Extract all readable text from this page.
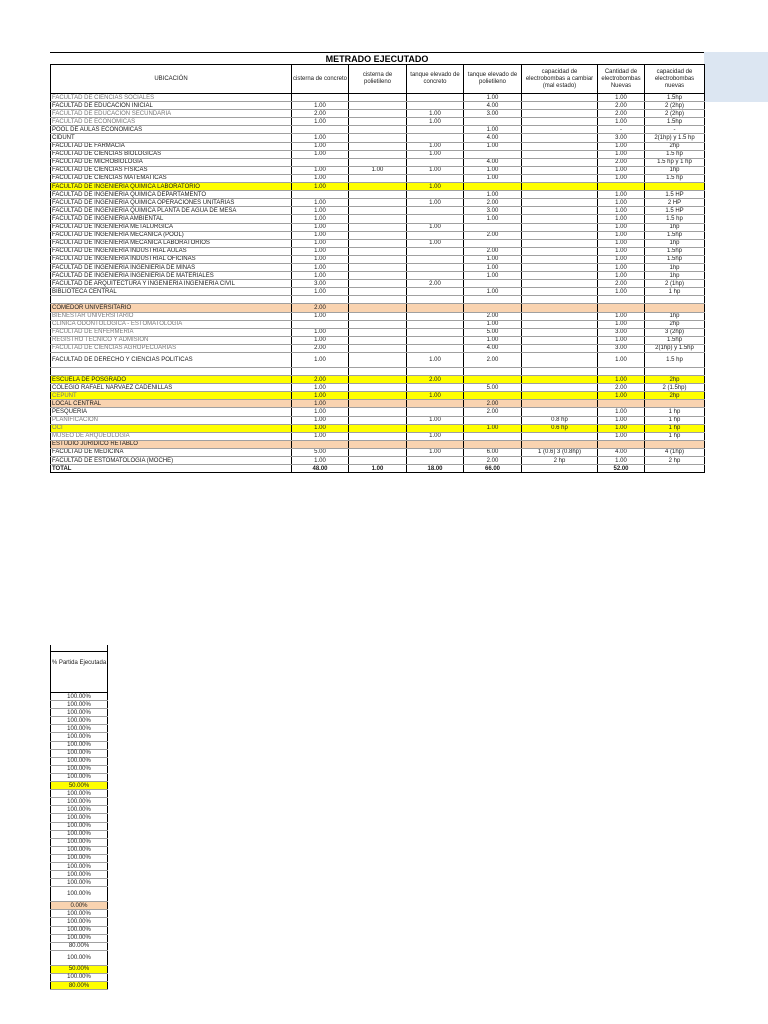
METRADO EJECUTADO
UBICACIÓN	cisterna de concreto	cisterna de polietileno	tanque elevado de concreto	tanque elevado de polietileno	capacidad de electrobombas a cambiar (mal estado)	Cantidad de electrobombas Nuevas	capacidad de electrobombas nuevas
FACULTAD DE CIENCIAS SOCIALES				1.00		1.00	1.5hp
FACULTAD DE EDUCACION INICIAL	1.00			4.00		2.00	2 (2hp)
FACULTAD DE EDUCACION SECUNDARIA	2.00		1.00	3.00		2.00	2 (2hp)
FACULTAD DE ECONOMICAS	1.00		1.00			1.00	1.5hp
POOL DE AULAS ECONOMICAS				1.00		-	-
CIDUNT	1.00			4.00		3.00	2(1hp) y 1.5 hp
FACULTAD DE FARMACIA	1.00		1.00	1.00		1.00	2hp
FACULTAD DE CIENCIAS BIOLOGICAS	1.00		1.00			1.00	1.5 hp
FACULTAD DE MICROBIOLOGIA				4.00		2.00	1.5 hp y 1 hp
FACULTAD DE CIENCIAS FISICAS	1.00	1.00	1.00	1.00		1.00	1hp
FACULTAD DE CIENCIAS MATEMATICAS	1.00			1.00		1.00	1.5 hp
FACULTAD DE INGENIERIA QUIMICA LABORATORIO	1.00		1.00				
FACULTAD DE INGENIERIA QUIMICA DEPARTAMENTO				1.00		1.00	1.5 HP
FACULTAD DE INGENIERIA QUIMICA OPERACIONES UNITARIAS	1.00		1.00	2.00		1.00	2 HP
FACULTAD DE INGENIERIA QUIMICA PLANTA DE AGUA DE MESA	1.00			3.00		1.00	1.5 HP
FACULTAD DE INGENIERIA AMBIENTAL	1.00			1.00		1.00	1.5 hp
FACULTAD DE INGENIERIA METALURGICA	1.00		1.00			1.00	1hp
FACULTAD DE INGENIERIA MECANICA (POOL)	1.00			2.00		1.00	1.5hp
FACULTAD DE INGENIERIA MECANICA LABORATORIOS	1.00		1.00			1.00	1hp
FACULTAD DE INGENIERIA INDUSTRIAL AULAS	1.00			2.00		1.00	1.5hp
FACULTAD DE INGENIERIA INDUSTRIAL OFICINAS	1.00			1.00		1.00	1.5hp
FACULTAD DE INGENIERIA INGENIERIA DE MINAS	1.00			1.00		1.00	1hp
FACULTAD DE INGENIERIA INGENIERIA DE MATERIALES	1.00			1.00		1.00	1hp
FACULTAD DE ARQUITECTURA Y INGENIERIA INGENIERIA CIVIL	3.00		2.00			2.00	2 (1hp)
BIBLIOTECA CENTRAL	1.00			1.00		1.00	1 hp

COMEDOR UNIVERSITARIO	2.00						
BIENESTAR UNIVERSITARIO	1.00			2.00		1.00	1hp
CLINICA ODONTOLOGICA - ESTOMATOLOGIA				1.00		1.00	2hp
FACULTAD DE ENFERMERIA	1.00			5.00		3.00	3 (2hp)
REGISTRO TECNICO Y ADMISION	1.00			1.00		1.00	1.5hp
FACULTAD DE CIENCIAS AGROPECUARIAS	2.00			4.00		3.00	2(1hp) y 1.5hp
FACULTAD DE DERECHO Y CIENCIAS POLITICAS	1.00		1.00	2.00		1.00	1.5 hp

ESCUELA DE POSGRADO	2.00		2.00			1.00	2hp
COLEGIO RAFAEL NARVAEZ CADENILLAS	1.00			5.00		2.00	2 (1.5hp)
CEPUNT	1.00		1.00			1.00	2hp
LOCAL CENTRAL	1.00			2.00			
PESQUERIA	1.00			2.00		1.00	1 hp
PLANIFICACION	1.00		1.00		0.8 hp	1.00	1 hp
OCI	1.00			1.00	0.6 hp	1.00	1 hp
MUSEO DE ARQUEOLOGIA	1.00		1.00			1.00	1 hp
ESTUDIO JURIDICO RETABLO							
FACULTAD DE MEDICINA	5.00		1.00	6.00	1 (0.6) 3 (0.8hp)	4.00	4 (1hp)
FACULTAD DE ESTOMATOLOGIA (MOCHE)	1.00			2.00	2 hp	1.00	2 hp
TOTAL	48.00	1.00	18.00	66.00		52.00	

% Partida Ejecutada

100.00%
100.00%
100.00%
100.00%
100.00%
100.00%
100.00%
100.00%
100.00%
100.00%
100.00%
50.00%
100.00%
100.00%
100.00%
100.00%
100.00%
100.00%
100.00%
100.00%
100.00%
100.00%
100.00%
100.00%
100.00%
0.00%
100.00%
100.00%
100.00%
100.00%
80.00%
100.00%
50.00%
100.00%
80.00%
